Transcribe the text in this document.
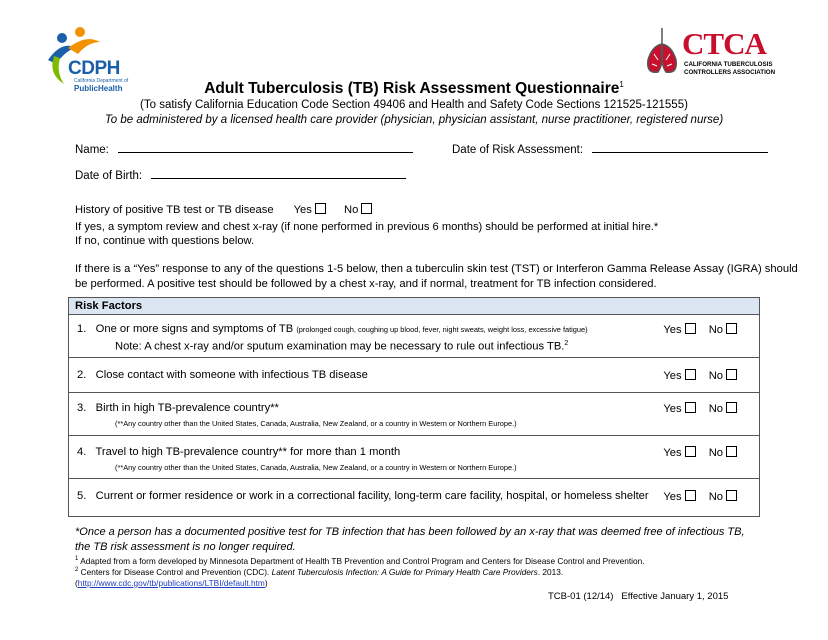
CDPH
California Department of
PublicHealth
CTCA
CALIFORNIA TUBERCULOSIS
CONTROLLERS ASSOCIATION
Adult Tuberculosis (TB) Risk Assessment Questionnaire$^1$
(To satisfy California Education Code Section 49406 and Health and Safety Code Sections 121525-121555)
To be administered by a licensed health care provider (physician, physician assistant, nurse practitioner, registered nurse)
Name:	Date of Risk Assessment:
Date of Birth:
History of positive TB test or TB disease Yes	No
If yes, a symptom review and chest x-ray (if none performed in previous 6 months) should be performed at initial hire.*
If no, continue with questions below.
If there is a “Yes” response to any of the questions 1-5 below, then a tuberculin skin test (TST) or Interferon Gamma Release Assay (IGRA) should
be performed. A positive test should be followed by a chest x-ray, and if normal, treatment for TB infection considered.
Risk Factors
1. One or more signs and symptoms of TB (prolonged cough, coughing up blood, fever, night sweats, weight loss, excessive fatigue)
Note: A chest x-ray and/or sputum examination may be necessary to rule out infectious TB.$^2$
Yes No
2. Close contact with someone with infectious TB disease	Yes No
3. Birth in high TB-prevalence country**
(**Any country other than the United States, Canada, Australia, New Zealand, or a country in Western or Northern Europe.)
Yes No
4. Travel to high TB-prevalence country** for more than 1 month
(**Any country other than the United States, Canada, Australia, New Zealand, or a country in Western or Northern Europe.)
Yes No
5. Current or former residence or work in a correctional facility, long-term care facility, hospital, or homeless shelter Yes No
*Once a person has a documented positive test for TB infection that has been followed by an x-ray that was deemed free of infectious TB,
the TB risk assessment is no longer required.
$^1$ Adapted from a form developed by Minnesota Department of Health TB Prevention and Control Program and Centers for Disease Control and Prevention.
$^2$ Centers for Disease Control and Prevention (CDC). Latent Tuberculosis Infection: A Guide for Primary Health Care Providers. 2013.
(http://www.cdc.gov/tb/publications/LTBI/default.htm)
TCB-01 (12/14)   Effective January 1, 2015
